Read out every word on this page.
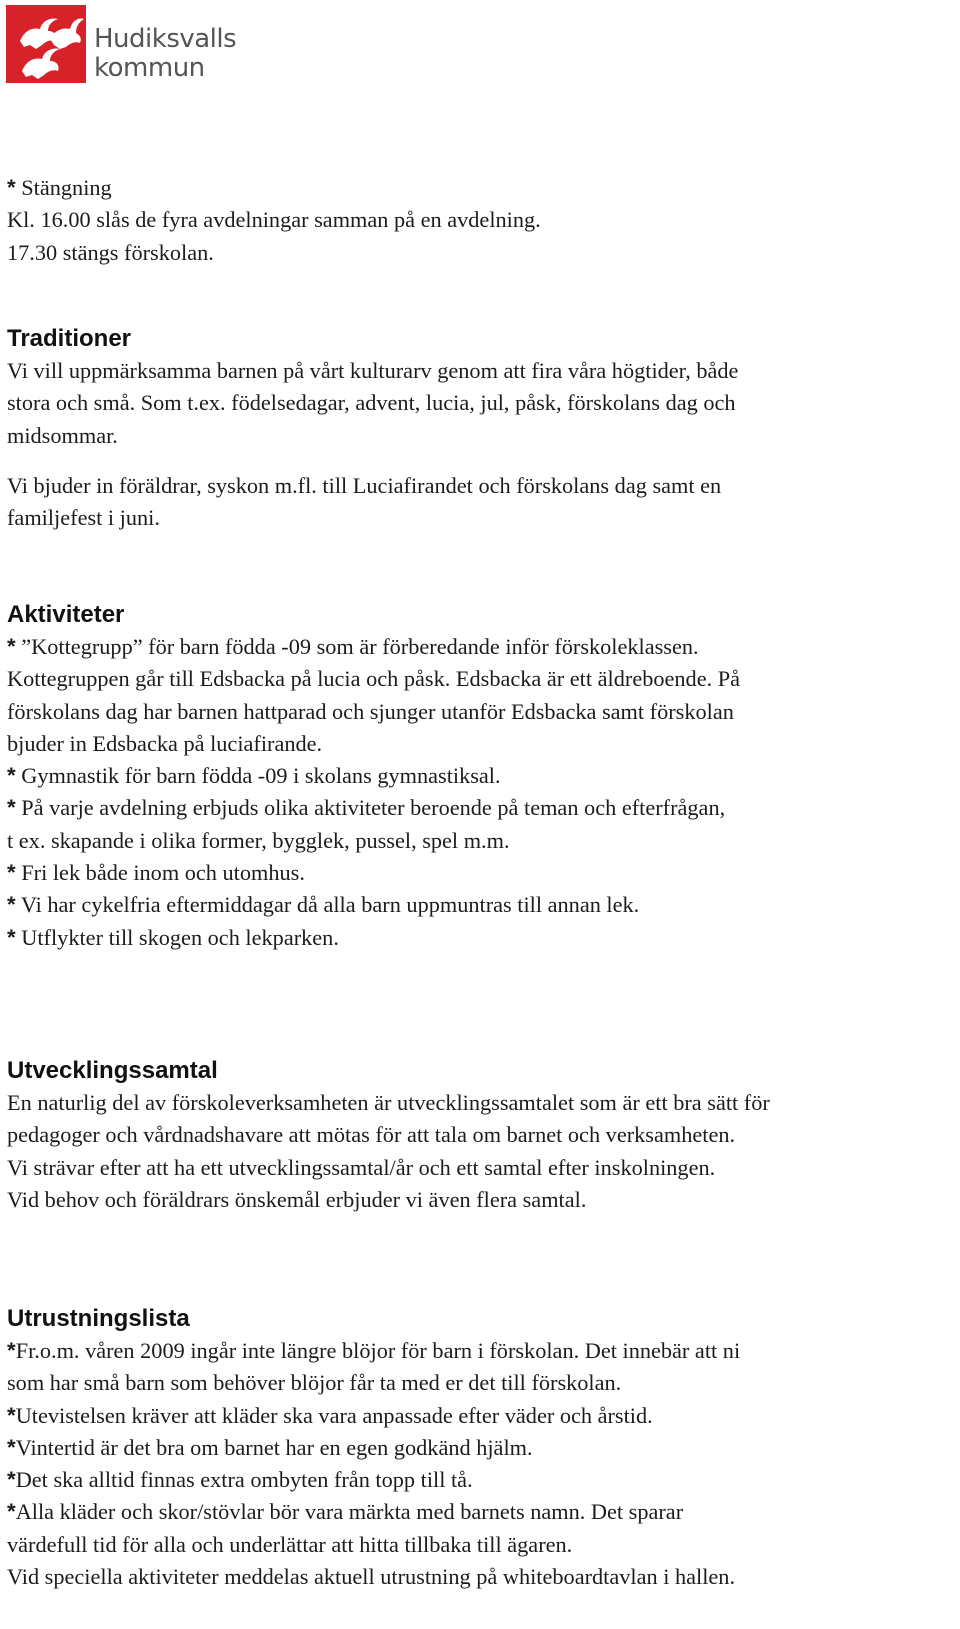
Hudiksvalls
kommun
* Stängning
Kl. 16.00 slås de fyra avdelningar samman på en avdelning.
17.30 stängs förskolan.
Traditioner
Vi vill uppmärksamma barnen på vårt kulturarv genom att fira våra högtider, både
stora och små. Som t.ex. födelsedagar, advent, lucia, jul, påsk, förskolans dag och
midsommar.
Vi bjuder in föräldrar, syskon m.fl. till Luciafirandet och förskolans dag samt en
familjefest i juni.
Aktiviteter
* ”Kottegrupp” för barn födda -09 som är förberedande inför förskoleklassen.
Kottegruppen går till Edsbacka på lucia och påsk. Edsbacka är ett äldreboende. På
förskolans dag har barnen hattparad och sjunger utanför Edsbacka samt förskolan
bjuder in Edsbacka på luciafirande.
* Gymnastik för barn födda -09 i skolans gymnastiksal.
* På varje avdelning erbjuds olika aktiviteter beroende på teman och efterfrågan,
t ex. skapande i olika former, bygglek, pussel, spel m.m.
* Fri lek både inom och utomhus.
* Vi har cykelfria eftermiddagar då alla barn uppmuntras till annan lek.
* Utflykter till skogen och lekparken.
Utvecklingssamtal
En naturlig del av förskoleverksamheten är utvecklingssamtalet som är ett bra sätt för
pedagoger och vårdnadshavare att mötas för att tala om barnet och verksamheten.
Vi strävar efter att ha ett utvecklingssamtal/år och ett samtal efter inskolningen.
Vid behov och föräldrars önskemål erbjuder vi även flera samtal.
Utrustningslista
*Fr.o.m. våren 2009 ingår inte längre blöjor för barn i förskolan. Det innebär att ni
som har små barn som behöver blöjor får ta med er det till förskolan.
*Utevistelsen kräver att kläder ska vara anpassade efter väder och årstid.
*Vintertid är det bra om barnet har en egen godkänd hjälm.
*Det ska alltid finnas extra ombyten från topp till tå.
*Alla kläder och skor/stövlar bör vara märkta med barnets namn. Det sparar
värdefull tid för alla och underlättar att hitta tillbaka till ägaren.
Vid speciella aktiviteter meddelas aktuell utrustning på whiteboardtavlan i hallen.
